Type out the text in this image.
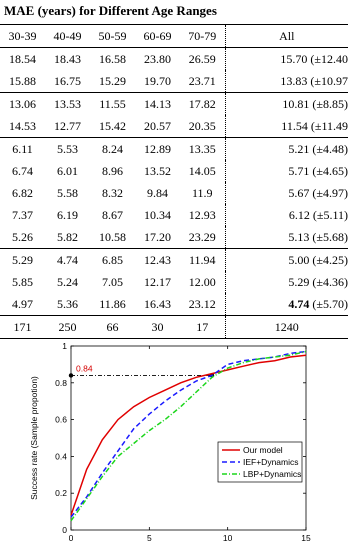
MAE (years) for Different Age Ranges
30-39	40-49	50-59	60-69	70-79	All
18.54	18.43	16.58	23.80	26.59	15.70 (±12.40
15.88	16.75	15.29	19.70	23.71	13.83 (±10.97
13.06	13.53	11.55	14.13	17.82	10.81 (±8.85)
14.53	12.77	15.42	20.57	20.35	11.54 (±11.49
6.11	5.53	8.24	12.89	13.35	5.21 (±4.48)
6.74	6.01	8.96	13.52	14.05	5.71 (±4.65)
6.82	5.58	8.32	9.84	11.9	5.67 (±4.97)
7.37	6.19	8.67	10.34	12.93	6.12 (±5.11)
5.26	5.82	10.58	17.20	23.29	5.13 (±5.68)
5.29	4.74	6.85	12.43	11.94	5.00 (±4.25)
5.85	5.24	7.05	12.17	12.00	5.29 (±4.36)
4.97	5.36	11.86	16.43	23.12	4.74 (±5.70)
171	250	66	30	17	1240
0
0.2
0.4
0.6
0.8
1
0	5	10	15
Success rate (Sample propotion)
0.84
Our model
IEF+Dynamics
LBP+Dynamics
